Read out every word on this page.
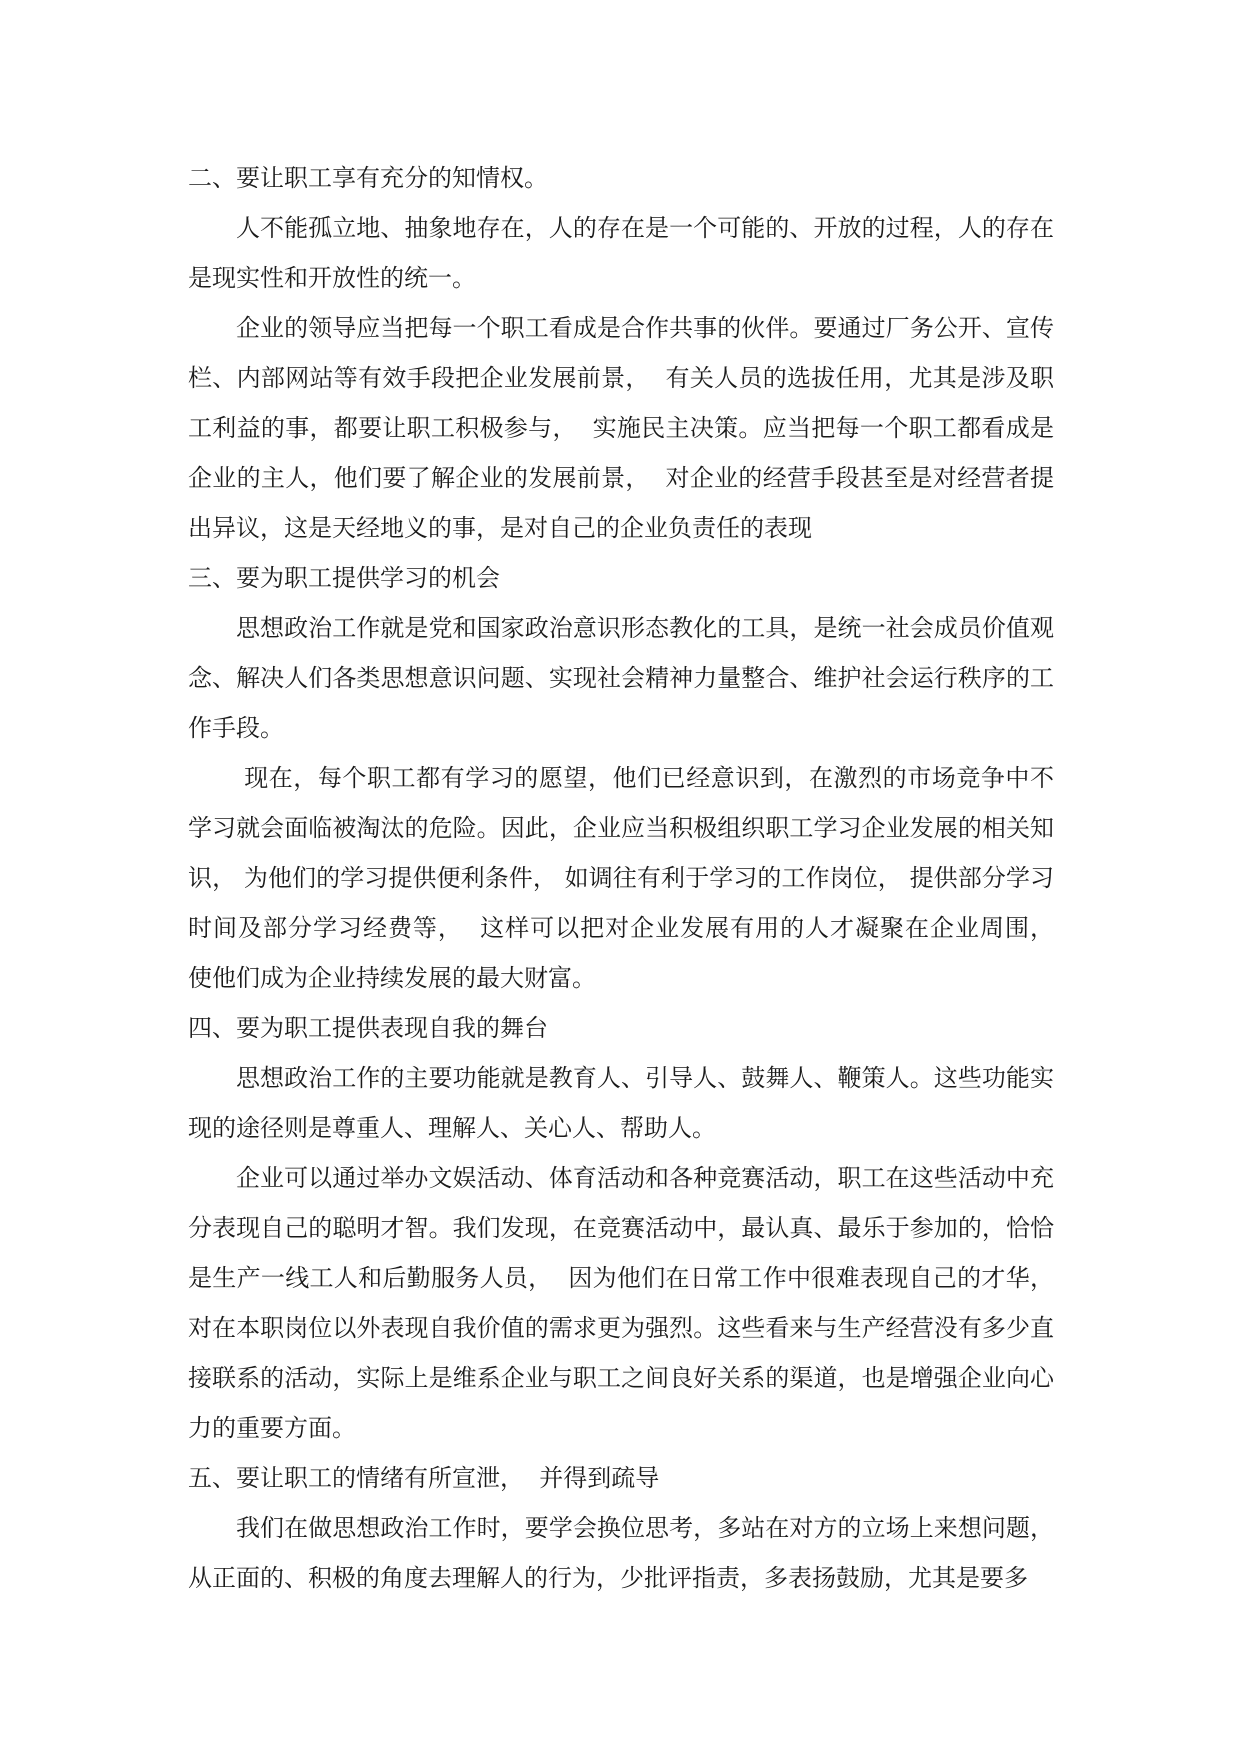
二、要让职工享有充分的知情权。

人不能孤立地、抽象地存在，人的存在是一个可能的、开放的过程，人的存在是现实性和开放性的统一。

企业的领导应当把每一个职工看成是合作共事的伙伴。要通过厂务公开、宣传栏、内部网站等有效手段把企业发展前景，  有关人员的选拔任用，尤其是涉及职工利益的事，都要让职工积极参与，  实施民主决策。应当把每一个职工都看成是企业的主人，他们要了解企业的发展前景，  对企业的经营手段甚至是对经营者提出异议，这是天经地义的事，是对自己的企业负责任的表现

三、要为职工提供学习的机会

思想政治工作就是党和国家政治意识形态教化的工具，是统一社会成员价值观念、解决人们各类思想意识问题、实现社会精神力量整合、维护社会运行秩序的工作手段。

现在，每个职工都有学习的愿望，他们已经意识到，在激烈的市场竞争中不学习就会面临被淘汰的危险。因此，企业应当积极组织职工学习企业发展的相关知识， 为他们的学习提供便利条件， 如调往有利于学习的工作岗位， 提供部分学习时间及部分学习经费等，  这样可以把对企业发展有用的人才凝聚在企业周围，  使他们成为企业持续发展的最大财富。

四、要为职工提供表现自我的舞台

思想政治工作的主要功能就是教育人、引导人、鼓舞人、鞭策人。这些功能实现的途径则是尊重人、理解人、关心人、帮助人。

企业可以通过举办文娱活动、体育活动和各种竞赛活动，职工在这些活动中充分表现自己的聪明才智。我们发现，在竞赛活动中，最认真、最乐于参加的，恰恰是生产一线工人和后勤服务人员，  因为他们在日常工作中很难表现自己的才华，对在本职岗位以外表现自我价值的需求更为强烈。这些看来与生产经营没有多少直接联系的活动，实际上是维系企业与职工之间良好关系的渠道，也是增强企业向心力的重要方面。

五、要让职工的情绪有所宣泄，  并得到疏导

我们在做思想政治工作时，要学会换位思考，多站在对方的立场上来想问题，从正面的、积极的角度去理解人的行为，少批评指责，多表扬鼓励，尤其是要多
